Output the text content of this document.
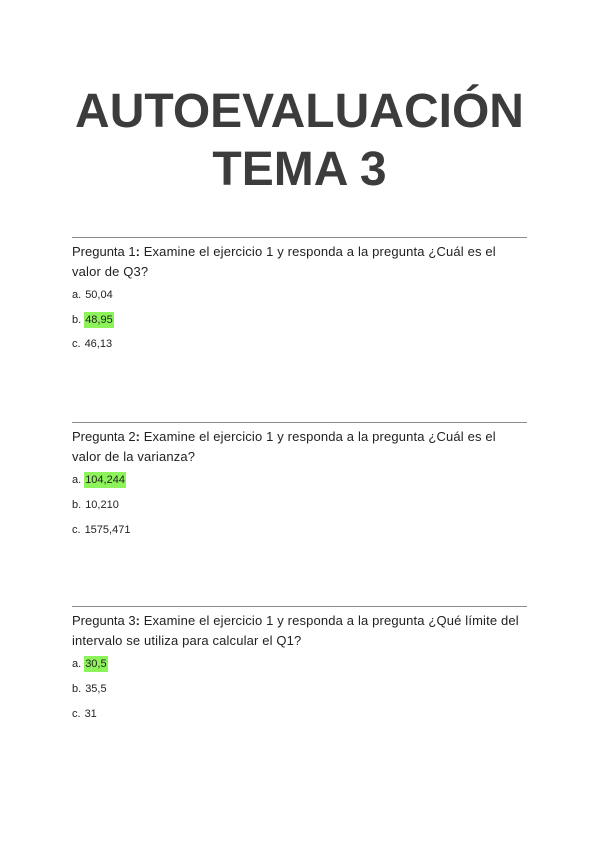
AUTOEVALUACIÓN
TEMA 3
Pregunta 1: Examine el ejercicio 1 y responda a la pregunta ¿Cuál es el valor de Q3?
a. 50,04
b. 48,95
c. 46,13
Pregunta 2: Examine el ejercicio 1 y responda a la pregunta ¿Cuál es el valor de la varianza?
a. 104,244
b. 10,210
c. 1575,471
Pregunta 3: Examine el ejercicio 1 y responda a la pregunta ¿Qué límite del intervalo se utiliza para calcular el Q1?
a. 30,5
b. 35,5
c. 31
